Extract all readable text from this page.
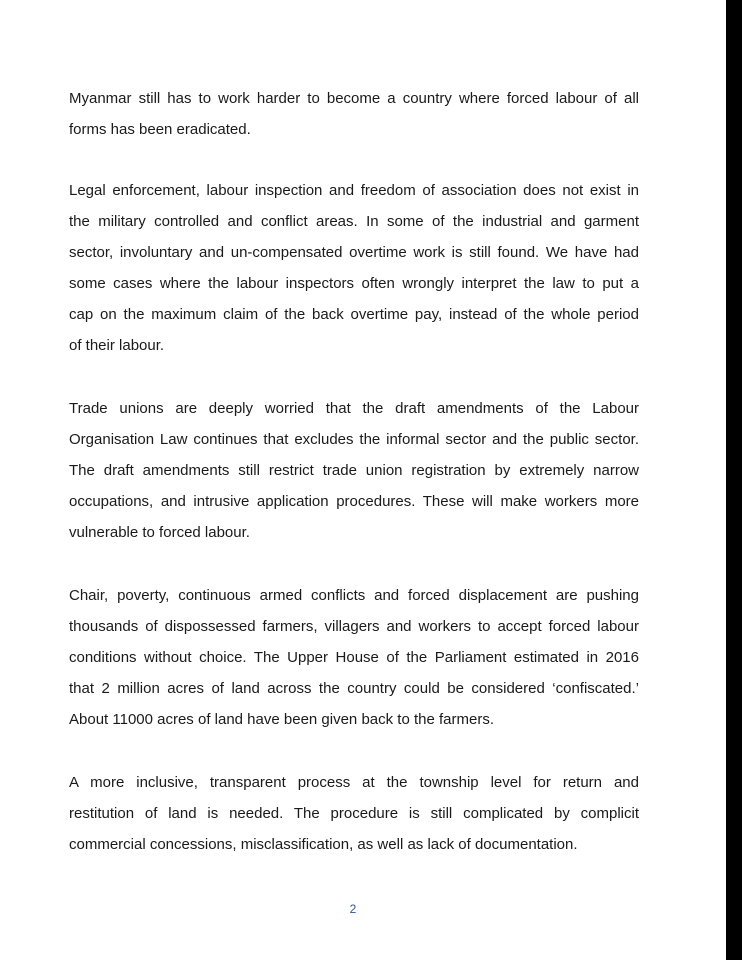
Myanmar still has to work harder to become a country where forced labour of all
forms has been eradicated.

Legal enforcement, labour inspection and freedom of association does not exist in
the military controlled and conflict areas. In some of the industrial and garment
sector, involuntary and un-compensated overtime work is still found. We have had
some cases where the labour inspectors often wrongly interpret the law to put a
cap on the maximum claim of the back overtime pay, instead of the whole period
of their labour.

Trade unions are deeply worried that the draft amendments of the Labour
Organisation Law continues that excludes the informal sector and the public sector.
The draft amendments still restrict trade union registration by extremely narrow
occupations, and intrusive application procedures. These will make workers more
vulnerable to forced labour.

Chair, poverty, continuous armed conflicts and forced displacement are pushing
thousands of dispossessed farmers, villagers and workers to accept forced labour
conditions without choice. The Upper House of the Parliament estimated in 2016
that 2 million acres of land across the country could be considered ‘confiscated.’
About 11000 acres of land have been given back to the farmers.

A more inclusive, transparent process at the township level for return and
restitution of land is needed. The procedure is still complicated by complicit
commercial concessions, misclassification, as well as lack of documentation.

2
